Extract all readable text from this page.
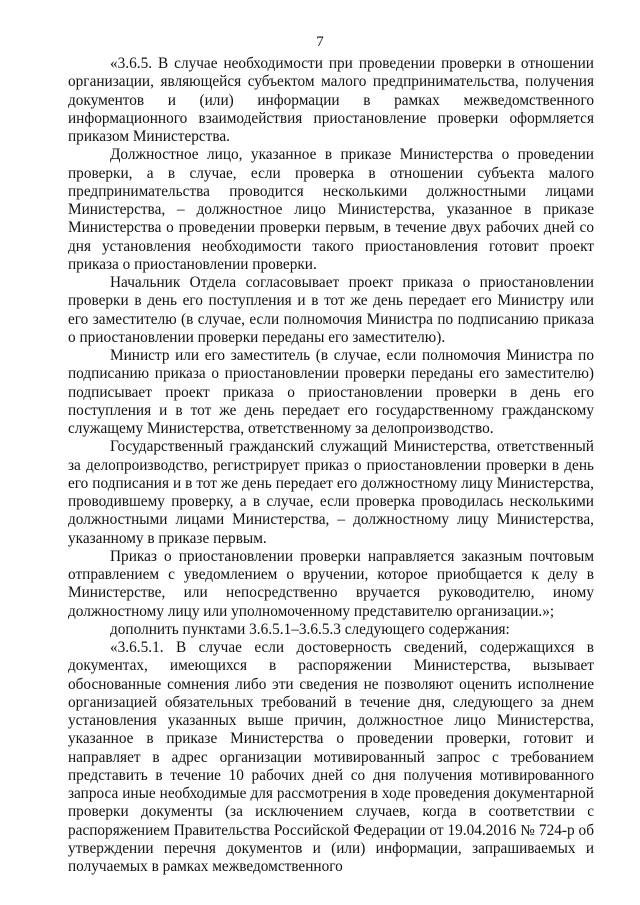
7

«3.6.5. В случае необходимости при проведении проверки в отношении организации, являющейся субъектом малого предпринимательства, получения документов и (или) информации в рамках межведомственного информационного взаимодействия приостановление проверки оформляется приказом Министерства.

Должностное лицо, указанное в приказе Министерства о проведении проверки, а в случае, если проверка в отношении субъекта малого предпринимательства проводится несколькими должностными лицами Министерства, – должностное лицо Министерства, указанное в приказе Министерства о проведении проверки первым, в течение двух рабочих дней со дня установления необходимости такого приостановления готовит проект приказа о приостановлении проверки.

Начальник Отдела согласовывает проект приказа о приостановлении проверки в день его поступления и в тот же день передает его Министру или его заместителю (в случае, если полномочия Министра по подписанию приказа о приостановлении проверки переданы его заместителю).

Министр или его заместитель (в случае, если полномочия Министра по подписанию приказа о приостановлении проверки переданы его заместителю) подписывает проект приказа о приостановлении проверки в день его поступления и в тот же день передает его государственному гражданскому служащему Министерства, ответственному за делопроизводство.

Государственный гражданский служащий Министерства, ответственный за делопроизводство, регистрирует приказ о приостановлении проверки в день его подписания и в тот же день передает его должностному лицу Министерства, проводившему проверку, а в случае, если проверка проводилась несколькими должностными лицами Министерства, – должностному лицу Министерства, указанному в приказе первым.

Приказ о приостановлении проверки направляется заказным почтовым отправлением с уведомлением о вручении, которое приобщается к делу в Министерстве, или непосредственно вручается руководителю, иному должностному лицу или уполномоченному представителю организации.»;

дополнить пунктами 3.6.5.1–3.6.5.3 следующего содержания:

«3.6.5.1. В случае если достоверность сведений, содержащихся в документах, имеющихся в распоряжении Министерства, вызывает обоснованные сомнения либо эти сведения не позволяют оценить исполнение организацией обязательных требований в течение дня, следующего за днем установления указанных выше причин, должностное лицо Министерства, указанное в приказе Министерства о проведении проверки, готовит и направляет в адрес организации мотивированный запрос с требованием представить в течение 10 рабочих дней со дня получения мотивированного запроса иные необходимые для рассмотрения в ходе проведения документарной проверки документы (за исключением случаев, когда в соответствии с распоряжением Правительства Российской Федерации от 19.04.2016 № 724-р об утверждении перечня документов и (или) информации, запрашиваемых и получаемых в рамках межведомственного
